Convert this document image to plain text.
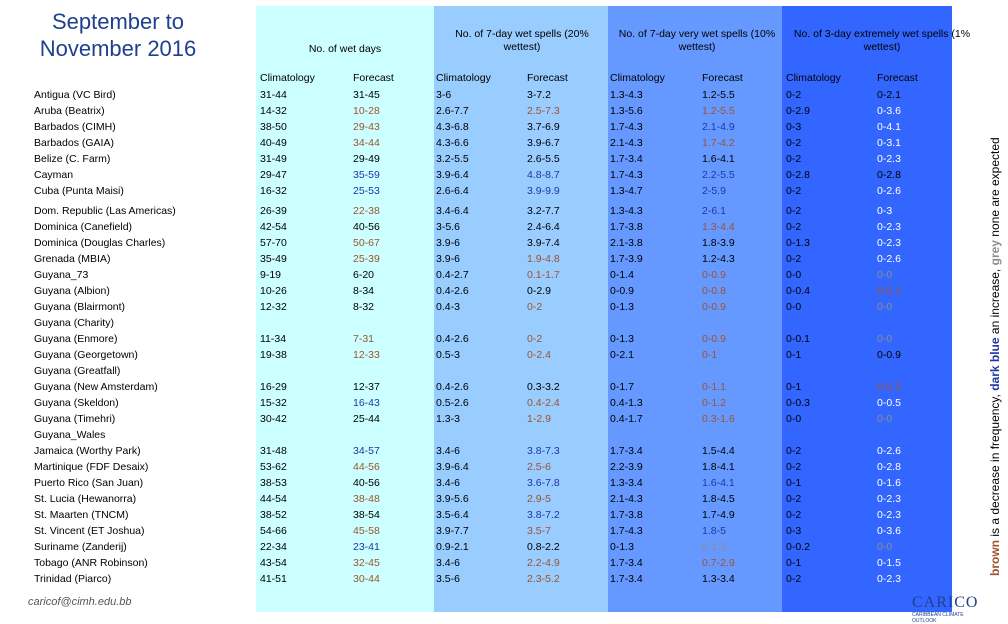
September to November 2016	No. of wet days
No. of 7-day wet spells (20% wettest)
No. of 7-day very wet spells (10% wettest)
No. of 3-day extremely wet spells (1% wettest)
Climatology	Forecast	Climatology	Forecast	Climatology	Forecast	Climatology	Forecast
Antigua (VC Bird)	31-44	31-45	3-6	3-7.2	1.3-4.3	1.2-5.5	0-2	0-2.1
Aruba (Beatrix)	14-32	10-28	2.6-7.7	2.5-7.3	1.3-5.6	1.2-5.5	0-2.9	0-3.6
Barbados (CIMH)	38-50	29-43	4.3-6.8	3.7-6.9	1.7-4.3	2.1-4.9	0-3	0-4.1
Barbados (GAIA)	40-49	34-44	4.3-6.6	3.9-6.7	2.1-4.3	1.7-4.2	0-2	0-3.1
Belize (C. Farm)	31-49	29-49	3.2-5.5	2.6-5.5	1.7-3.4	1.6-4.1	0-2	0-2.3
Cayman	29-47	35-59	3.9-6.4	4.8-8.7	1.7-4.3	2.2-5.5	0-2.8	0-2.8
Cuba (Punta Maisi)	16-32	25-53	2.6-6.4	3.9-9.9	1.3-4.7	2-5.9	0-2	0-2.6
Dom. Republic (Las Americas)	26-39	22-38	3.4-6.4	3.2-7.7	1.3-4.3	2-6.1	0-2	0-3
Dominica (Canefield)	42-54	40-56	3-5.6	2.4-6.4	1.7-3.8	1.3-4.4	0-2	0-2.3
Dominica (Douglas Charles)	57-70	50-67	3.9-6	3.9-7.4	2.1-3.8	1.8-3.9	0-1.3	0-2.3
Grenada (MBIA)	35-49	25-39	3.9-6	1.9-4.8	1.7-3.9	1.2-4.3	0-2	0-2.6
Guyana_73	9-19	6-20	0.4-2.7	0.1-1.7	0-1.4	0-0.9	0-0	0-0
Guyana (Albion)	10-26	8-34	0.4-2.6	0-2.9	0-0.9	0-0.8	0-0.4	0-0.1
Guyana (Blairmont)	12-32	8-32	0.4-3	0-2	0-1.3	0-0.9	0-0	0-0
Guyana (Charity)
Guyana (Enmore)	11-34	7-31	0.4-2.6	0-2	0-1.3	0-0.9	0-0.1	0-0
Guyana (Georgetown)	19-38	12-33	0.5-3	0-2.4	0-2.1	0-1	0-1	0-0.9
Guyana (Greatfall)
Guyana (New Amsterdam)	16-29	12-37	0.4-2.6	0.3-3.2	0-1.7	0-1.1	0-1	0-0.2
Guyana (Skeldon)	15-32	16-43	0.5-2.6	0.4-2.4	0.4-1.3	0-1.2	0-0.3	0-0.5
Guyana (Timehri)	30-42	25-44	1.3-3	1-2.9	0.4-1.7	0.3-1.6	0-0	0-0
Guyana_Wales
Jamaica (Worthy Park)	31-48	34-57	3.4-6	3.8-7.3	1.7-3.4	1.5-4.4	0-2	0-2.6
Martinique (FDF Desaix)	53-62	44-56	3.9-6.4	2.5-6	2.2-3.9	1.8-4.1	0-2	0-2.8
Puerto Rico (San Juan)	38-53	40-56	3.4-6	3.6-7.8	1.3-3.4	1.6-4.1	0-1	0-1.6
St. Lucia (Hewanorra)	44-54	38-48	3.9-5.6	2.9-5	2.1-4.3	1.8-4.5	0-2	0-2.3
St. Maarten (TNCM)	38-52	38-54	3.5-6.4	3.8-7.2	1.7-3.8	1.7-4.9	0-2	0-2.3
St. Vincent (ET Joshua)	54-66	45-58	3.9-7.7	3.5-7	1.7-4.3	1.8-5	0-3	0-3.6
Suriname (Zanderij)	22-34	23-41	0.9-2.1	0.8-2.2	0-1.3	0-1.3	0-0.2	0-0
Tobago (ANR Robinson)	43-54	32-45	3.4-6	2.2-4.9	1.7-3.4	0.7-2.9	0-1	0-1.5
Trinidad (Piarco)	41-51	30-44	3.5-6	2.3-5.2	1.7-3.4	1.3-3.4	0-2	0-2.3
brown is a decrease in frequency, dark blue an increase, grey none are expected
caricof@cimh.edu.bb	CARICO
CARIBBEAN CLIMATE OUTLOOK
